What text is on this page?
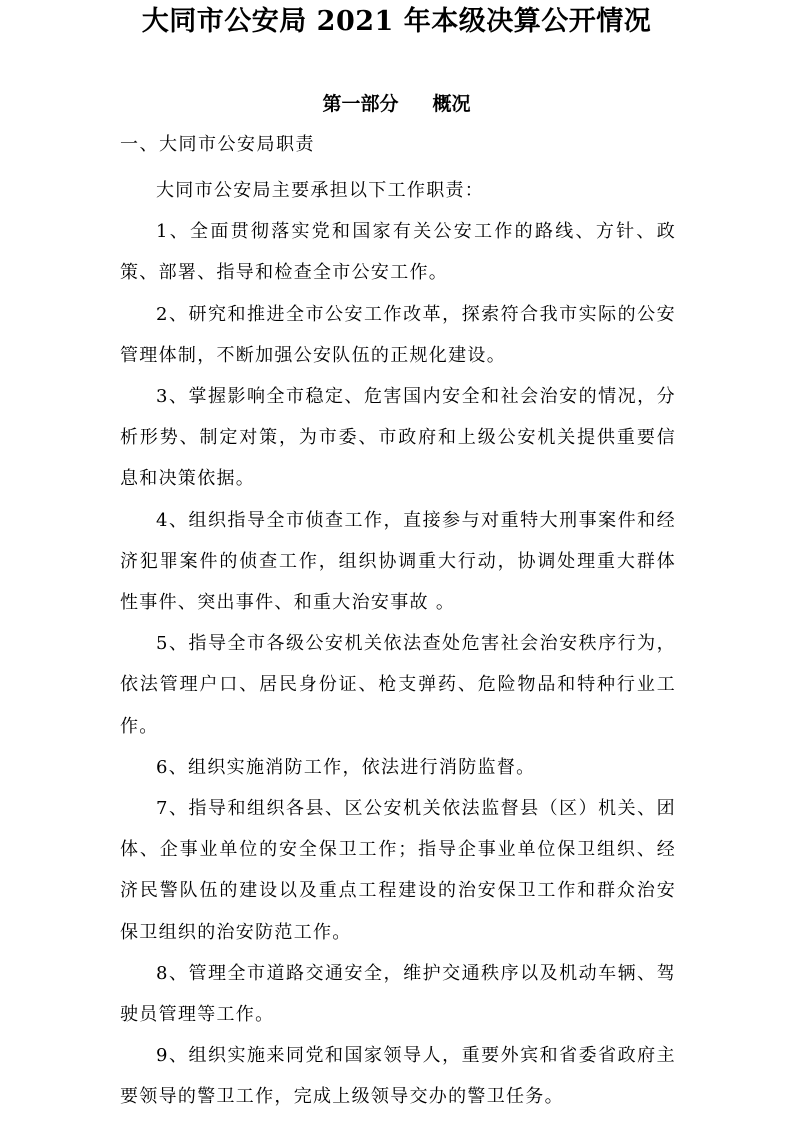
大同市公安局 2021 年本级决算公开情况
第一部分 概况
一、大同市公安局职责

大同市公安局主要承担以下工作职责：

1、全面贯彻落实党和国家有关公安工作的路线、方针、政策、部署、指导和检查全市公安工作。

2、研究和推进全市公安工作改革，探索符合我市实际的公安管理体制，不断加强公安队伍的正规化建设。

3、掌握影响全市稳定、危害国内安全和社会治安的情况，分析形势、制定对策，为市委、市政府和上级公安机关提供重要信息和决策依据。

4、组织指导全市侦查工作，直接参与对重特大刑事案件和经济犯罪案件的侦查工作，组织协调重大行动，协调处理重大群体性事件、突出事件、和重大治安事故 。

5、指导全市各级公安机关依法查处危害社会治安秩序行为，依法管理户口、居民身份证、枪支弹药、危险物品和特种行业工作。

6、组织实施消防工作，依法进行消防监督。

7、指导和组织各县、区公安机关依法监督县（区）机关、团体、企事业单位的安全保卫工作；指导企事业单位保卫组织、经济民警队伍的建设以及重点工程建设的治安保卫工作和群众治安保卫组织的治安防范工作。

8、管理全市道路交通安全，维护交通秩序以及机动车辆、驾驶员管理等工作。

9、组织实施来同党和国家领导人，重要外宾和省委省政府主要领导的警卫工作，完成上级领导交办的警卫任务。
